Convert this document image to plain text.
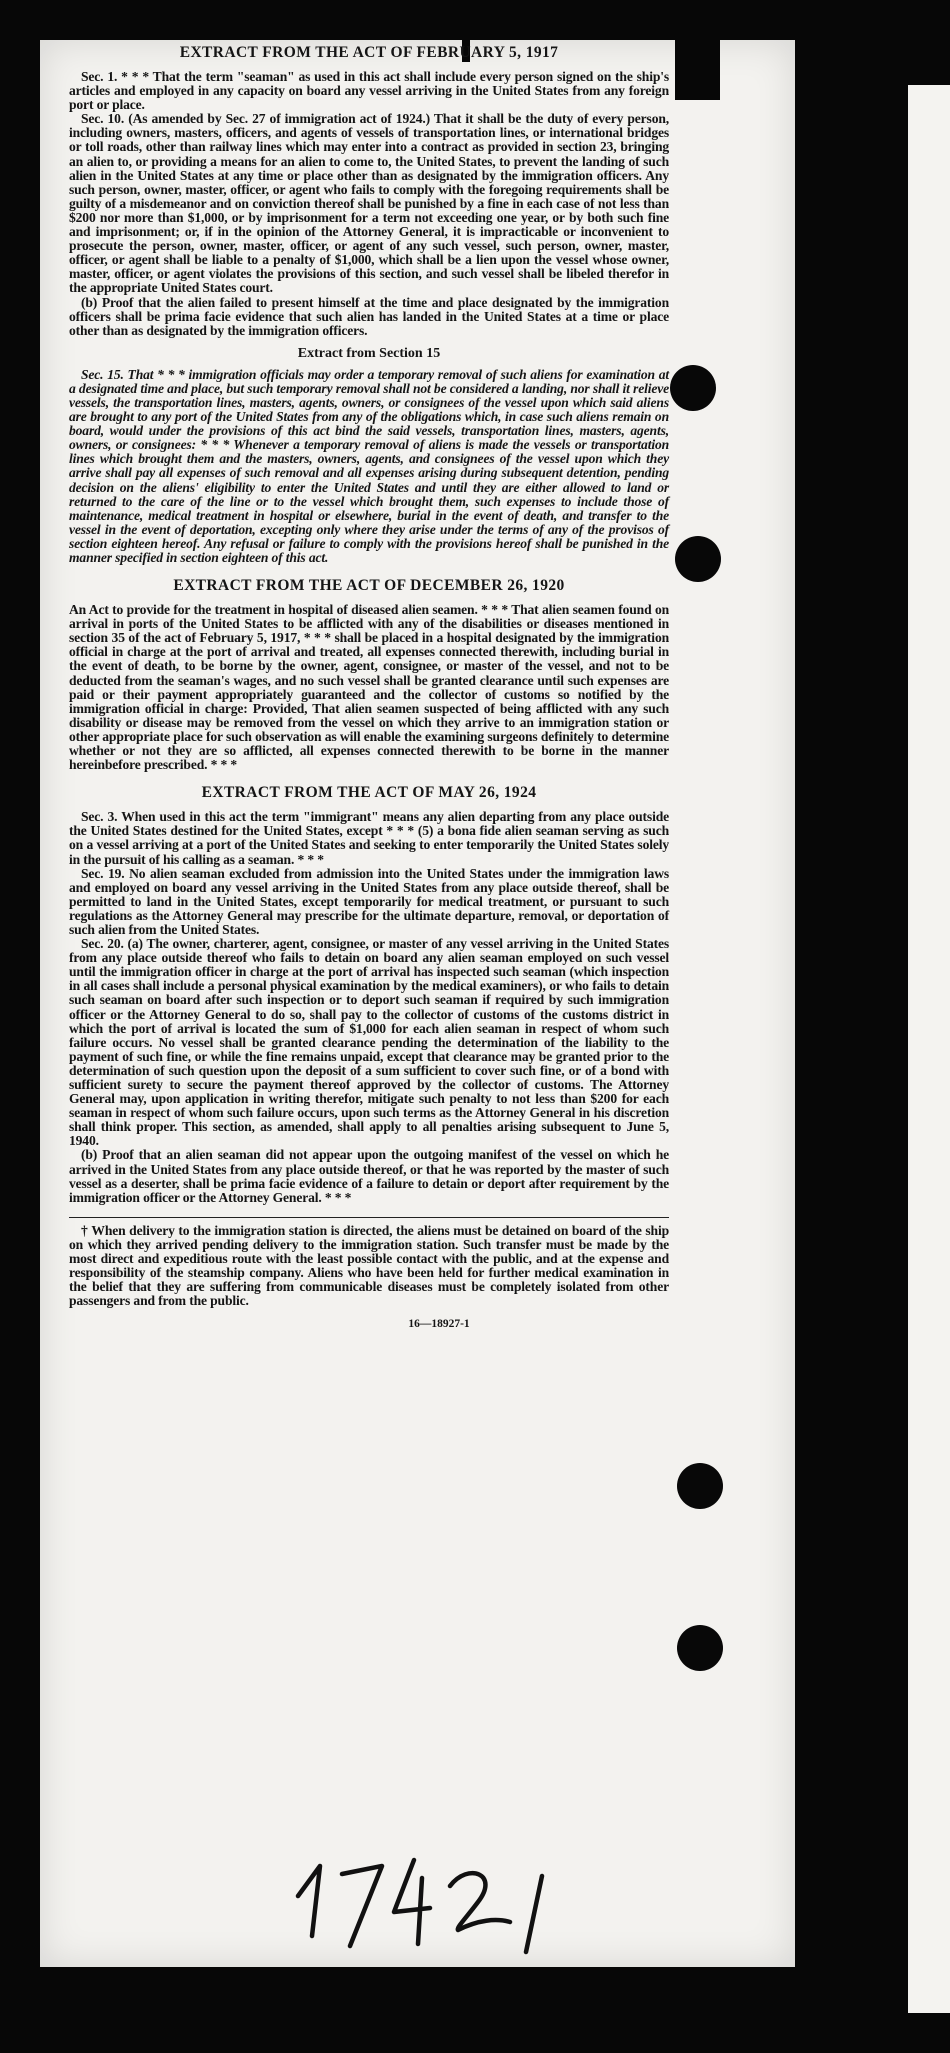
EXTRACT FROM THE ACT OF FEBRUARY 5, 1917

Sec. 1. * * * That the term "seaman" as used in this act shall include every person signed on the ship's articles and employed in any capacity on board any vessel arriving in the United States from any foreign port or place.

Sec. 10. (As amended by Sec. 27 of immigration act of 1924.) That it shall be the duty of every person, including owners, masters, officers, and agents of vessels of transportation lines, or international bridges or toll roads, other than railway lines which may enter into a contract as provided in section 23, bringing an alien to, or providing a means for an alien to come to, the United States, to prevent the landing of such alien in the United States at any time or place other than as designated by the immigration officers. Any such person, owner, master, officer, or agent who fails to comply with the foregoing requirements shall be guilty of a misdemeanor and on conviction thereof shall be punished by a fine in each case of not less than $200 nor more than $1,000, or by imprisonment for a term not exceeding one year, or by both such fine and imprisonment; or, if in the opinion of the Attorney General, it is impracticable or inconvenient to prosecute the person, owner, master, officer, or agent of any such vessel, such person, owner, master, officer, or agent shall be liable to a penalty of $1,000, which shall be a lien upon the vessel whose owner, master, officer, or agent violates the provisions of this section, and such vessel shall be libeled therefor in the appropriate United States court.

(b) Proof that the alien failed to present himself at the time and place designated by the immigration officers shall be prima facie evidence that such alien has landed in the United States at a time or place other than as designated by the immigration officers.

Extract from Section 15

Sec. 15. That * * * immigration officials may order a temporary removal of such aliens for examination at a designated time and place, but such temporary removal shall not be considered a landing, nor shall it relieve vessels, the transportation lines, masters, agents, owners, or consignees of the vessel upon which said aliens are brought to any port of the United States from any of the obligations which, in case such aliens remain on board, would under the provisions of this act bind the said vessels, transportation lines, masters, agents, owners, or consignees: * * * Whenever a temporary removal of aliens is made the vessels or transportation lines which brought them and the masters, owners, agents, and consignees of the vessel upon which they arrive shall pay all expenses of such removal and all expenses arising during subsequent detention, pending decision on the aliens' eligibility to enter the United States and until they are either allowed to land or returned to the care of the line or to the vessel which brought them, such expenses to include those of maintenance, medical treatment in hospital or elsewhere, burial in the event of death, and transfer to the vessel in the event of deportation, excepting only where they arise under the terms of any of the provisos of section eighteen hereof. Any refusal or failure to comply with the provisions hereof shall be punished in the manner specified in section eighteen of this act.

EXTRACT FROM THE ACT OF DECEMBER 26, 1920

An Act to provide for the treatment in hospital of diseased alien seamen. * * * That alien seamen found on arrival in ports of the United States to be afflicted with any of the disabilities or diseases mentioned in section 35 of the act of February 5, 1917, * * * shall be placed in a hospital designated by the immigration official in charge at the port of arrival and treated, all expenses connected therewith, including burial in the event of death, to be borne by the owner, agent, consignee, or master of the vessel, and not to be deducted from the seaman's wages, and no such vessel shall be granted clearance until such expenses are paid or their payment appropriately guaranteed and the collector of customs so notified by the immigration official in charge: Provided, That alien seamen suspected of being afflicted with any such disability or disease may be removed from the vessel on which they arrive to an immigration station or other appropriate place for such observation as will enable the examining surgeons definitely to determine whether or not they are so afflicted, all expenses connected therewith to be borne in the manner hereinbefore prescribed. * * *

EXTRACT FROM THE ACT OF MAY 26, 1924

Sec. 3. When used in this act the term "immigrant" means any alien departing from any place outside the United States destined for the United States, except * * * (5) a bona fide alien seaman serving as such on a vessel arriving at a port of the United States and seeking to enter temporarily the United States solely in the pursuit of his calling as a seaman. * * *

Sec. 19. No alien seaman excluded from admission into the United States under the immigration laws and employed on board any vessel arriving in the United States from any place outside thereof, shall be permitted to land in the United States, except temporarily for medical treatment, or pursuant to such regulations as the Attorney General may prescribe for the ultimate departure, removal, or deportation of such alien from the United States.

Sec. 20. (a) The owner, charterer, agent, consignee, or master of any vessel arriving in the United States from any place outside thereof who fails to detain on board any alien seaman employed on such vessel until the immigration officer in charge at the port of arrival has inspected such seaman (which inspection in all cases shall include a personal physical examination by the medical examiners), or who fails to detain such seaman on board after such inspection or to deport such seaman if required by such immigration officer or the Attorney General to do so, shall pay to the collector of customs of the customs district in which the port of arrival is located the sum of $1,000 for each alien seaman in respect of whom such failure occurs. No vessel shall be granted clearance pending the determination of the liability to the payment of such fine, or while the fine remains unpaid, except that clearance may be granted prior to the determination of such question upon the deposit of a sum sufficient to cover such fine, or of a bond with sufficient surety to secure the payment thereof approved by the collector of customs. The Attorney General may, upon application in writing therefor, mitigate such penalty to not less than $200 for each seaman in respect of whom such failure occurs, upon such terms as the Attorney General in his discretion shall think proper. This section, as amended, shall apply to all penalties arising subsequent to June 5, 1940.

(b) Proof that an alien seaman did not appear upon the outgoing manifest of the vessel on which he arrived in the United States from any place outside thereof, or that he was reported by the master of such vessel as a deserter, shall be prima facie evidence of a failure to detain or deport after requirement by the immigration officer or the Attorney General. * * *

† When delivery to the immigration station is directed, the aliens must be detained on board of the ship on which they arrived pending delivery to the immigration station. Such transfer must be made by the most direct and expeditious route with the least possible contact with the public, and at the expense and responsibility of the steamship company. Aliens who have been held for further medical examination in the belief that they are suffering from communicable diseases must be completely isolated from other passengers and from the public.

16—18927-1
